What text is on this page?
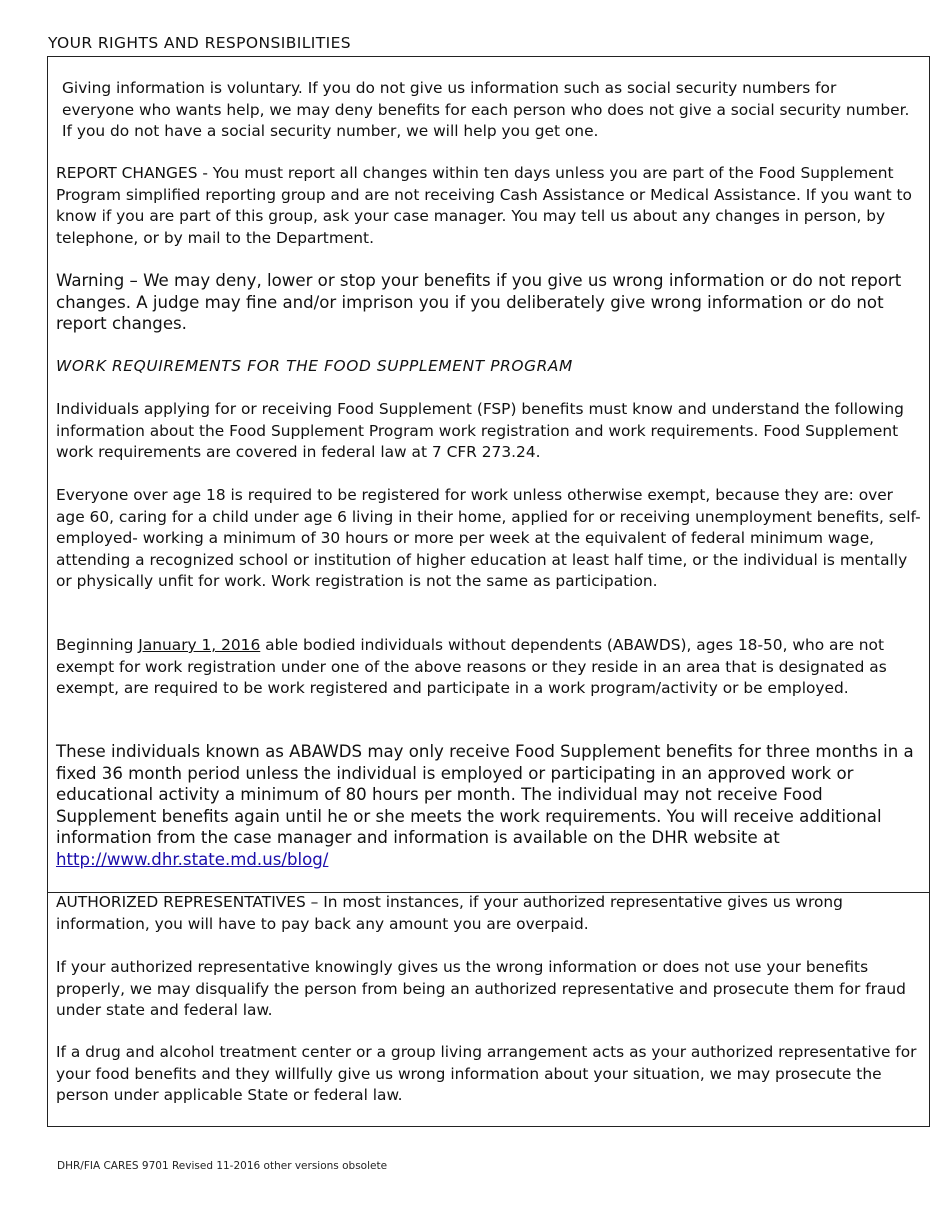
YOUR RIGHTS AND RESPONSIBILITIES

Giving information is voluntary. If you do not give us information such as social security numbers for everyone who wants help, we may deny benefits for each person who does not give a social security number. If you do not have a social security number, we will help you get one.

REPORT CHANGES - You must report all changes within ten days unless you are part of the Food Supplement Program simplified reporting group and are not receiving Cash Assistance or Medical Assistance. If you want to know if you are part of this group, ask your case manager. You may tell us about any changes in person, by telephone, or by mail to the Department.

Warning – We may deny, lower or stop your benefits if you give us wrong information or do not report changes. A judge may fine and/or imprison you if you deliberately give wrong information or do not report changes.

WORK REQUIREMENTS FOR THE FOOD SUPPLEMENT PROGRAM

Individuals applying for or receiving Food Supplement (FSP) benefits must know and understand the following information about the Food Supplement Program work registration and work requirements. Food Supplement work requirements are covered in federal law at 7 CFR 273.24.

Everyone over age 18 is required to be registered for work unless otherwise exempt, because they are: over age 60, caring for a child under age 6 living in their home, applied for or receiving unemployment benefits, self-employed- working a minimum of 30 hours or more per week at the equivalent of federal minimum wage, attending a recognized school or institution of higher education at least half time, or the individual is mentally or physically unfit for work. Work registration is not the same as participation.

Beginning January 1, 2016 able bodied individuals without dependents (ABAWDS), ages 18-50, who are not exempt for work registration under one of the above reasons or they reside in an area that is designated as exempt, are required to be work registered and participate in a work program/activity or be employed.

These individuals known as ABAWDS may only receive Food Supplement benefits for three months in a fixed 36 month period unless the individual is employed or participating in an approved work or educational activity a minimum of 80 hours per month. The individual may not receive Food Supplement benefits again until he or she meets the work requirements. You will receive additional information from the case manager and information is available on the DHR website at http://www.dhr.state.md.us/blog/

AUTHORIZED REPRESENTATIVES – In most instances, if your authorized representative gives us wrong information, you will have to pay back any amount you are overpaid.

If your authorized representative knowingly gives us the wrong information or does not use your benefits properly, we may disqualify the person from being an authorized representative and prosecute them for fraud under state and federal law.

If a drug and alcohol treatment center or a group living arrangement acts as your authorized representative for your food benefits and they willfully give us wrong information about your situation, we may prosecute the person under applicable State or federal law.

DHR/FIA CARES 9701 Revised 11-2016 other versions obsolete
